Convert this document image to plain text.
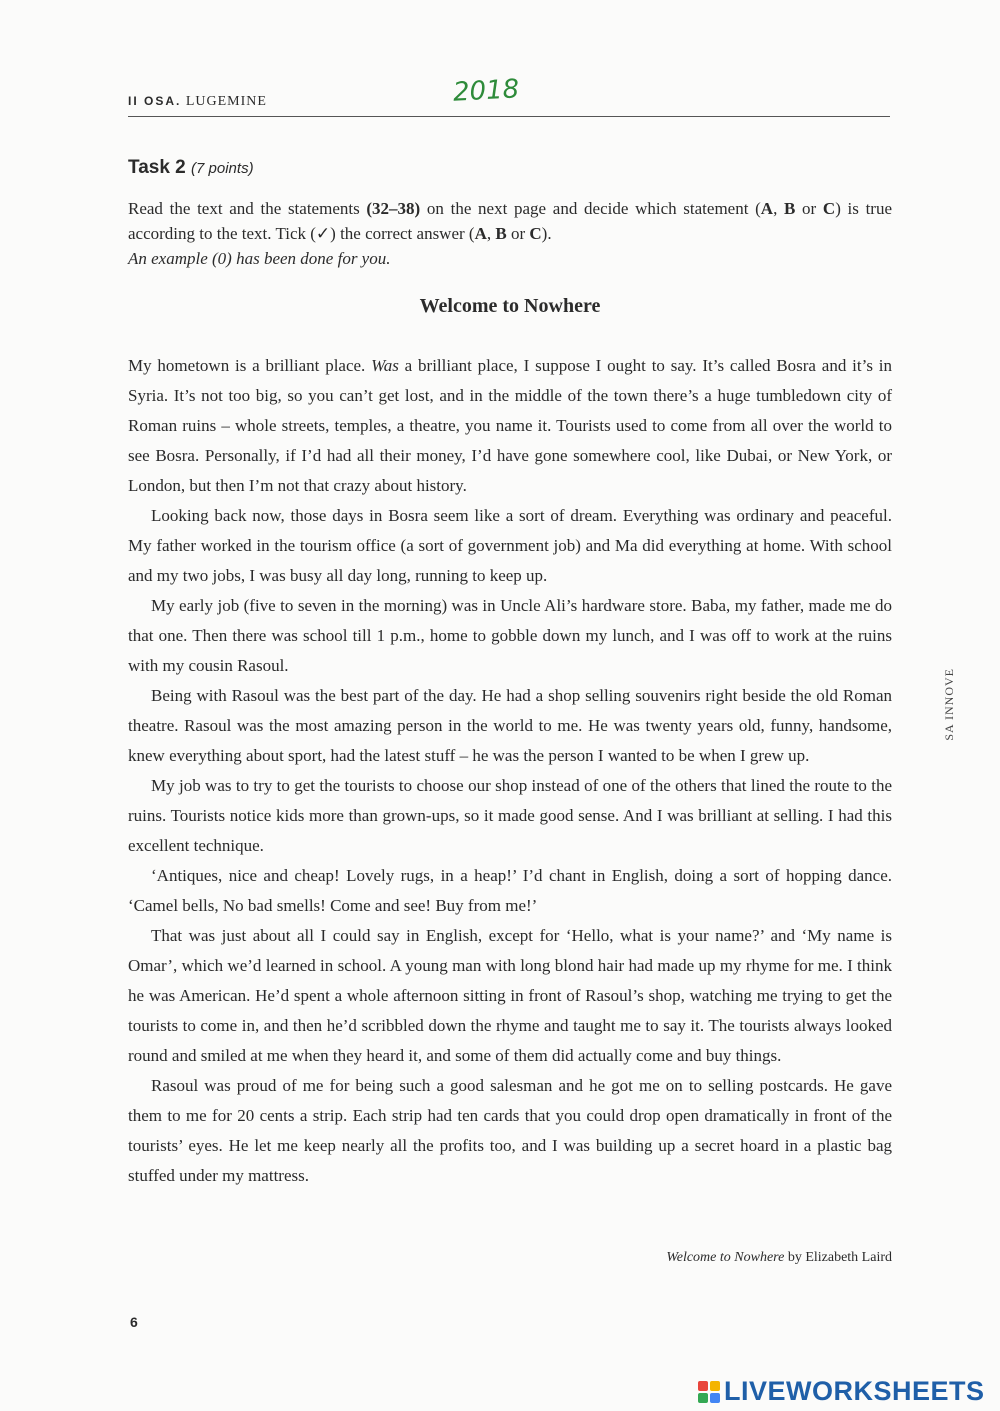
II OSA. LUGEMINE	2018
Task 2 (7 points)
Read the text and the statements (32–38) on the next page and decide which statement (A, B or C) is true according to the text. Tick (✓) the correct answer (A, B or C).
An example (0) has been done for you.
Welcome to Nowhere

My hometown is a brilliant place. Was a brilliant place, I suppose I ought to say. It’s called Bosra and it’s in Syria. It’s not too big, so you can’t get lost, and in the middle of the town there’s a huge tumbledown city of Roman ruins – whole streets, temples, a theatre, you name it. Tourists used to come from all over the world to see Bosra. Personally, if I’d had all their money, I’d have gone somewhere cool, like Dubai, or New York, or London, but then I’m not that crazy about history.

Looking back now, those days in Bosra seem like a sort of dream. Everything was ordinary and peaceful. My father worked in the tourism office (a sort of government job) and Ma did everything at home. With school and my two jobs, I was busy all day long, running to keep up.

My early job (five to seven in the morning) was in Uncle Ali’s hardware store. Baba, my father, made me do that one. Then there was school till 1 p.m., home to gobble down my lunch, and I was off to work at the ruins with my cousin Rasoul.

Being with Rasoul was the best part of the day. He had a shop selling souvenirs right beside the old Roman theatre. Rasoul was the most amazing person in the world to me. He was twenty years old, funny, handsome, knew everything about sport, had the latest stuff – he was the person I wanted to be when I grew up.

My job was to try to get the tourists to choose our shop instead of one of the others that lined the route to the ruins. Tourists notice kids more than grown-ups, so it made good sense. And I was brilliant at selling. I had this excellent technique.

‘Antiques, nice and cheap! Lovely rugs, in a heap!’ I’d chant in English, doing a sort of hopping dance. ‘Camel bells, No bad smells! Come and see! Buy from me!’

That was just about all I could say in English, except for ‘Hello, what is your name?’ and ‘My name is Omar’, which we’d learned in school. A young man with long blond hair had made up my rhyme for me. I think he was American. He’d spent a whole afternoon sitting in front of Rasoul’s shop, watching me trying to get the tourists to come in, and then he’d scribbled down the rhyme and taught me to say it. The tourists always looked round and smiled at me when they heard it, and some of them did actually come and buy things.

Rasoul was proud of me for being such a good salesman and he got me on to selling postcards. He gave them to me for 20 cents a strip. Each strip had ten cards that you could drop open dramatically in front of the tourists’ eyes. He let me keep nearly all the profits too, and I was building up a secret hoard in a plastic bag stuffed under my mattress.

Welcome to Nowhere by Elizabeth Laird
SA INNOVE
6
LIVEWORKSHEETS
